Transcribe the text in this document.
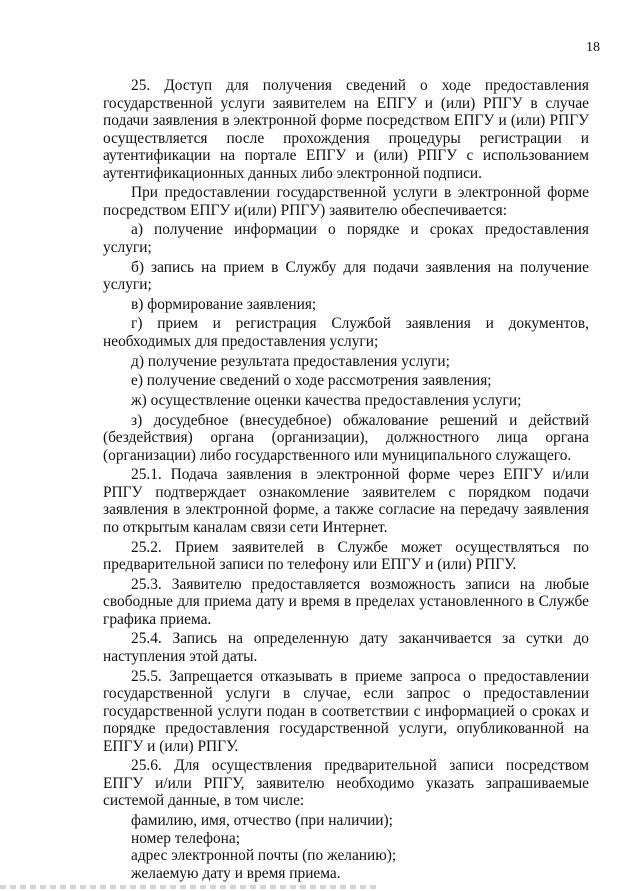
18

25. Доступ для получения сведений о ходе предоставления государственной услуги заявителем на ЕПГУ и (или) РПГУ в случае подачи заявления в электронной форме посредством ЕПГУ и (или) РПГУ осуществляется после прохождения процедуры регистрации и аутентификации на портале ЕПГУ и (или) РПГУ с использованием аутентификационных данных либо электронной подписи.

При предоставлении государственной услуги в электронной форме посредством ЕПГУ и(или) РПГУ) заявителю обеспечивается:

а) получение информации о порядке и сроках предоставления услуги;

б) запись на прием в Службу для подачи заявления на получение услуги;

в) формирование заявления;

г) прием и регистрация Службой заявления и документов, необходимых для предоставления услуги;

д) получение результата предоставления услуги;

е) получение сведений о ходе рассмотрения заявления;

ж) осуществление оценки качества предоставления услуги;

з) досудебное (внесудебное) обжалование решений и действий (бездействия) органа (организации), должностного лица органа (организации) либо государственного или муниципального служащего.

25.1. Подача заявления в электронной форме через ЕПГУ и/или РПГУ подтверждает ознакомление заявителем с порядком подачи заявления в электронной форме, а также согласие на передачу заявления по открытым каналам связи сети Интернет.

25.2. Прием заявителей в Службе может осуществляться по предварительной записи по телефону или ЕПГУ и (или) РПГУ.

25.3. Заявителю предоставляется возможность записи на любые свободные для приема дату и время в пределах установленного в Службе графика приема.

25.4. Запись на определенную дату заканчивается за сутки до наступления этой даты.

25.5. Запрещается отказывать в приеме запроса о предоставлении государственной услуги в случае, если запрос о предоставлении государственной услуги подан в соответствии с информацией о сроках и порядке предоставления государственной услуги, опубликованной на ЕПГУ и (или) РПГУ.

25.6. Для осуществления предварительной записи посредством ЕПГУ и/или РПГУ, заявителю необходимо указать запрашиваемые системой данные, в том числе:

фамилию, имя, отчество (при наличии);

номер телефона;

адрес электронной почты (по желанию);

желаемую дату и время приема.
